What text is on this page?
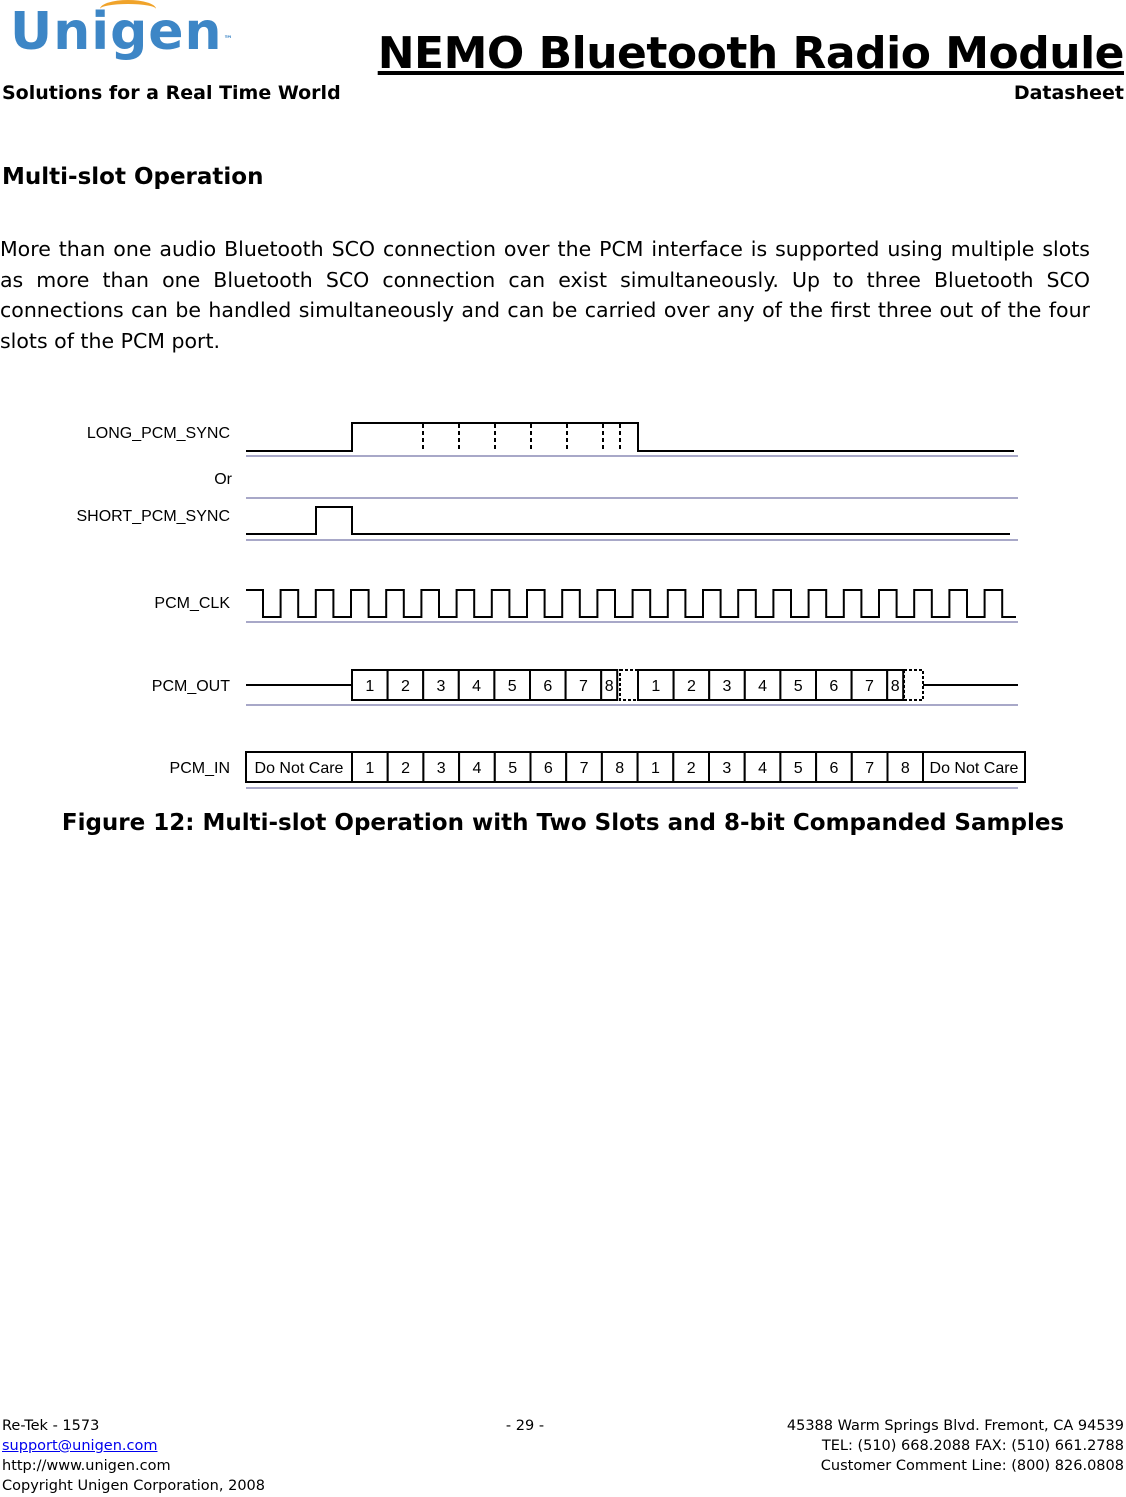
Unigen™
Solutions for a Real Time World
NEMO Bluetooth Radio Module
Datasheet
Multi-slot Operation
More than one audio Bluetooth SCO connection over the PCM interface is supported using multiple slots as more than one Bluetooth SCO connection can exist simultaneously. Up to three Bluetooth SCO connections can be handled simultaneously and can be carried over any of the first three out of the four slots of the PCM port.
LONG_PCM_SYNC
Or
SHORT_PCM_SYNC
PCM_CLK
PCM_OUT
PCM_IN
1 2 3 4 5 6 7 8 1 2 3 4 5 6 7 8
Do Not Care 1 2 3 4 5 6 7 8 1 2 3 4 5 6 7 8 Do Not Care
Figure 12: Multi-slot Operation with Two Slots and 8-bit Companded Samples
Re-Tek - 1573
support@unigen.com
http://www.unigen.com
Copyright Unigen Corporation, 2008
- 29 -	45388 Warm Springs Blvd. Fremont, CA 94539
TEL: (510) 668.2088 FAX: (510) 661.2788
Customer Comment Line: (800) 826.0808
